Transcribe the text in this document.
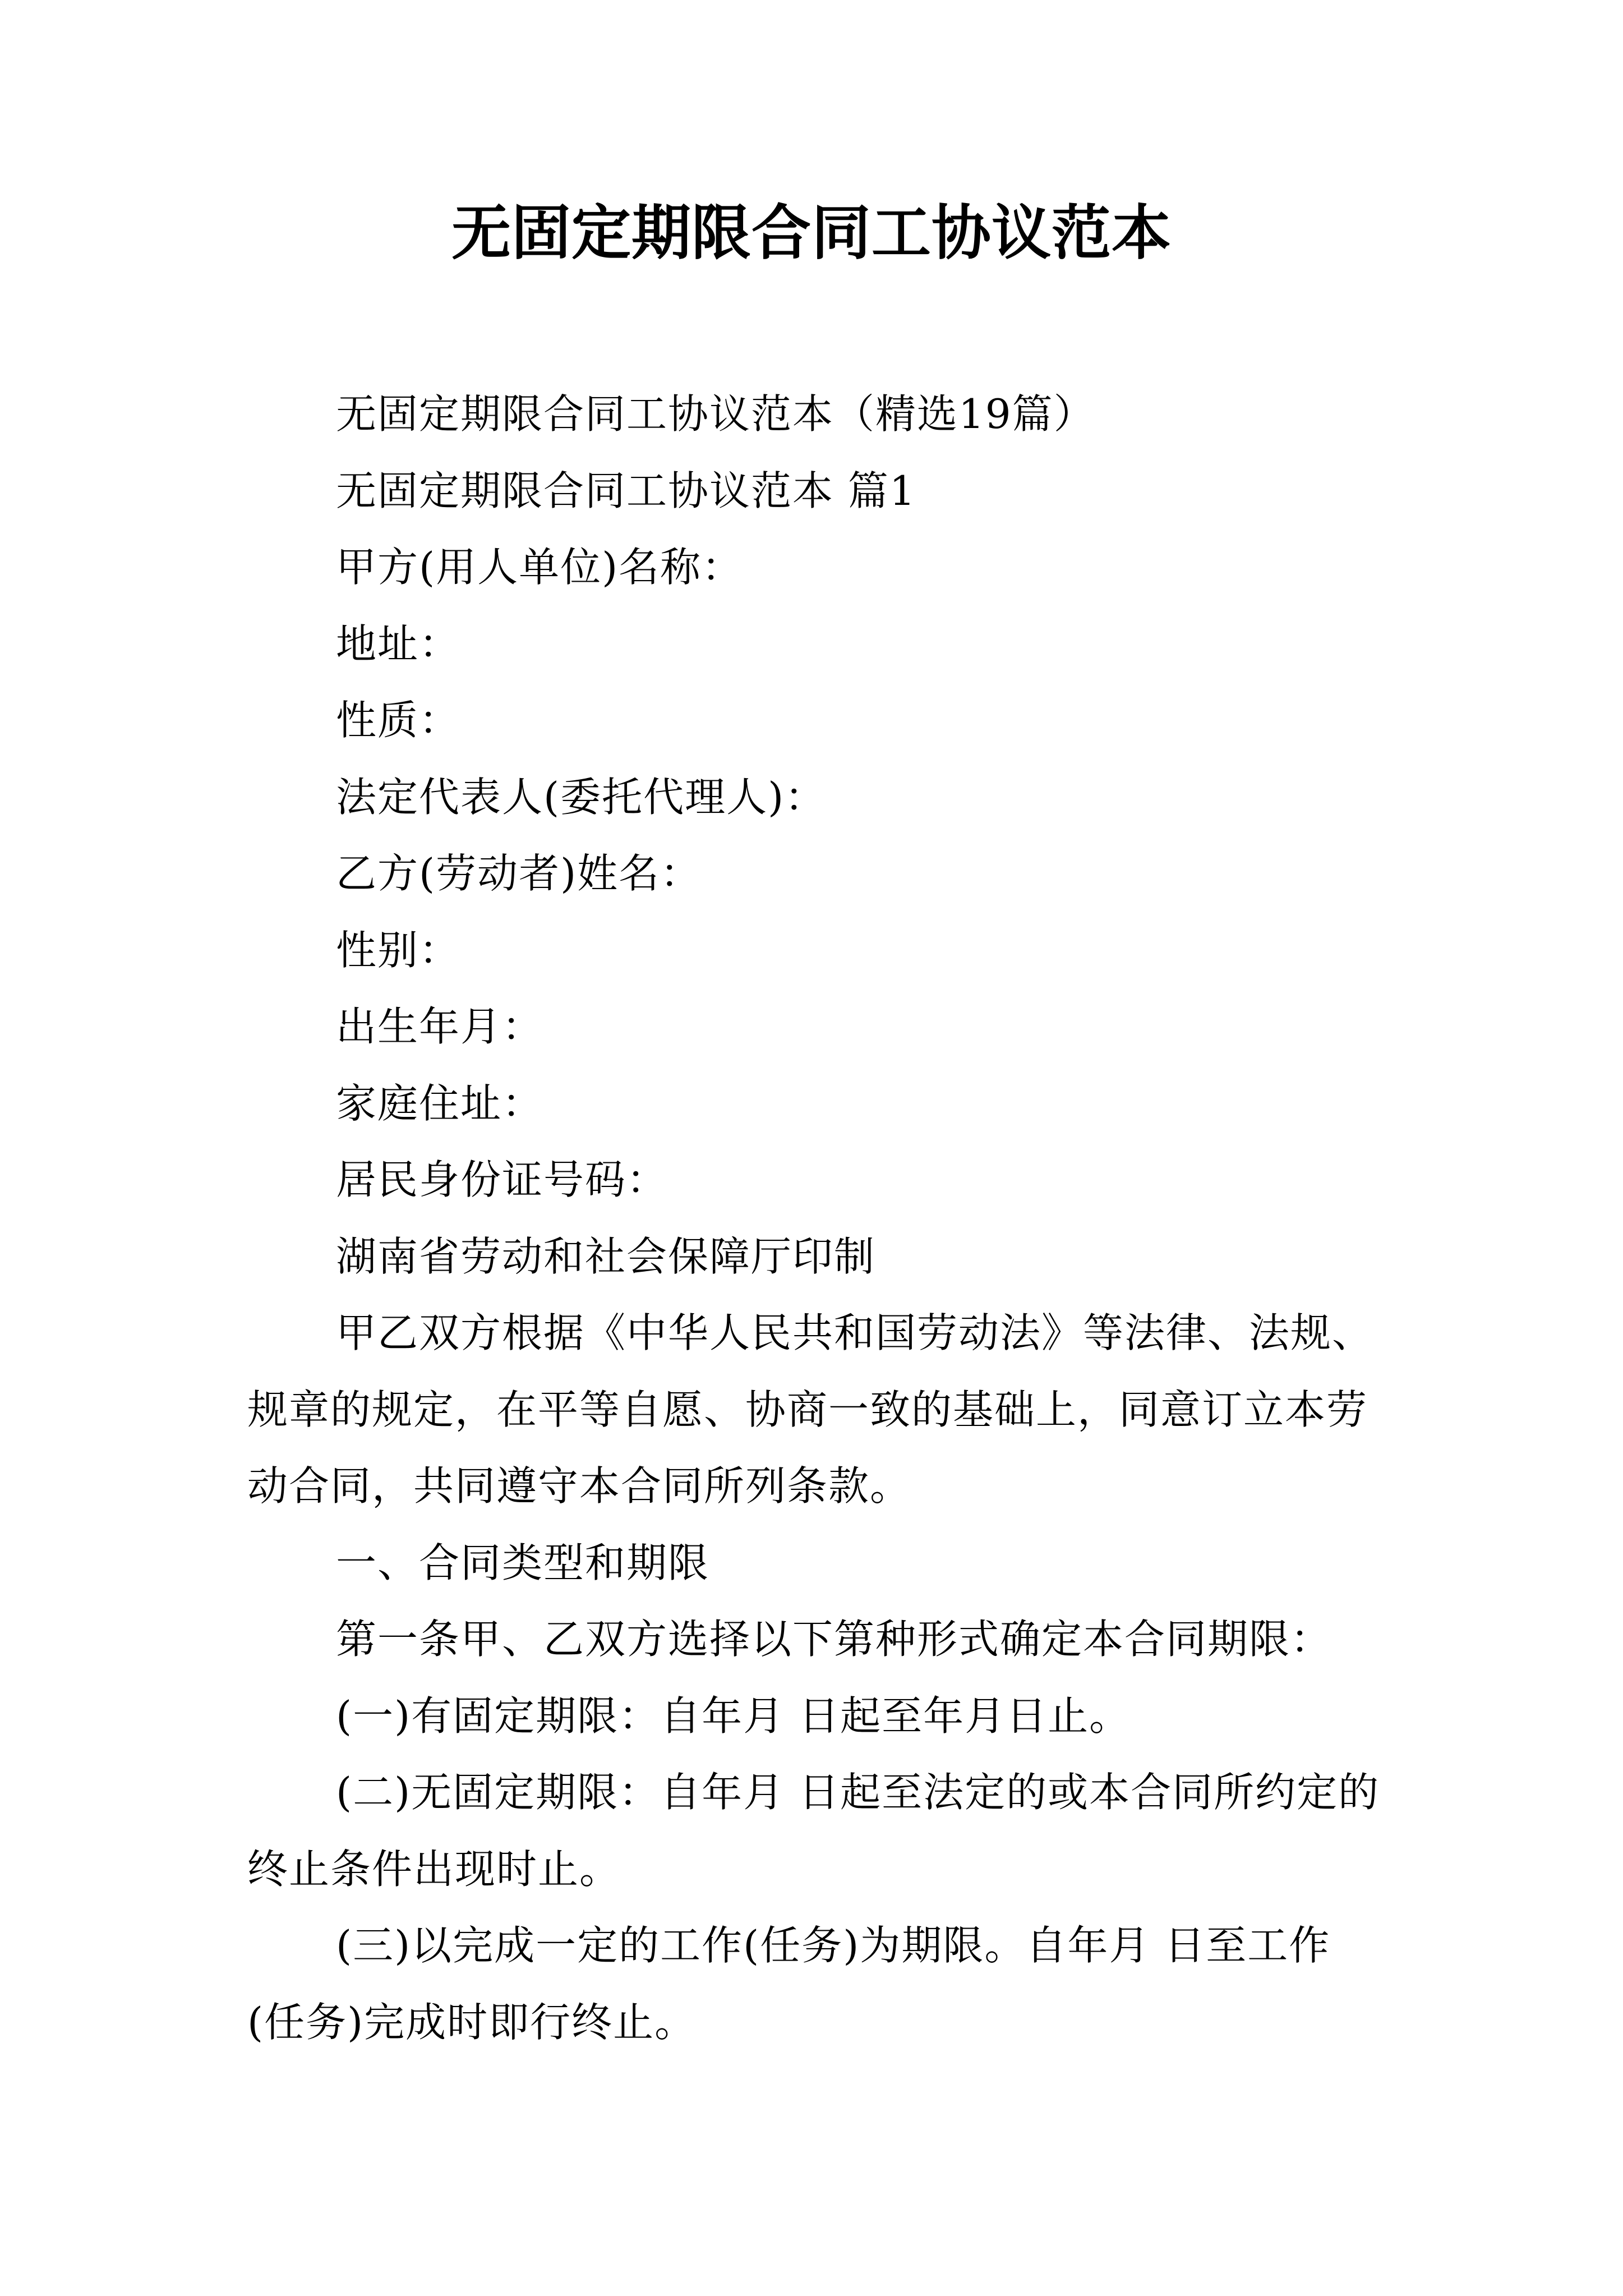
无固定期限合同工协议范本

无固定期限合同工协议范本（精选19篇）

无固定期限合同工协议范本 篇1

甲方(用人单位)名称：

地址：

性质：

法定代表人(委托代理人)：

乙方(劳动者)姓名：

性别：

出生年月：

家庭住址：

居民身份证号码：

湖南省劳动和社会保障厅印制

甲乙双方根据《中华人民共和国劳动法》等法律、法规、规章的规定，在平等自愿、协商一致的基础上，同意订立本劳动合同，共同遵守本合同所列条款。

一、合同类型和期限

第一条甲、乙双方选择以下第种形式确定本合同期限：

(一)有固定期限：自年月 日起至年月日止。

(二)无固定期限：自年月 日起至法定的或本合同所约定的终止条件出现时止。

(三)以完成一定的工作(任务)为期限。自年月 日至工作(任务)完成时即行终止。
